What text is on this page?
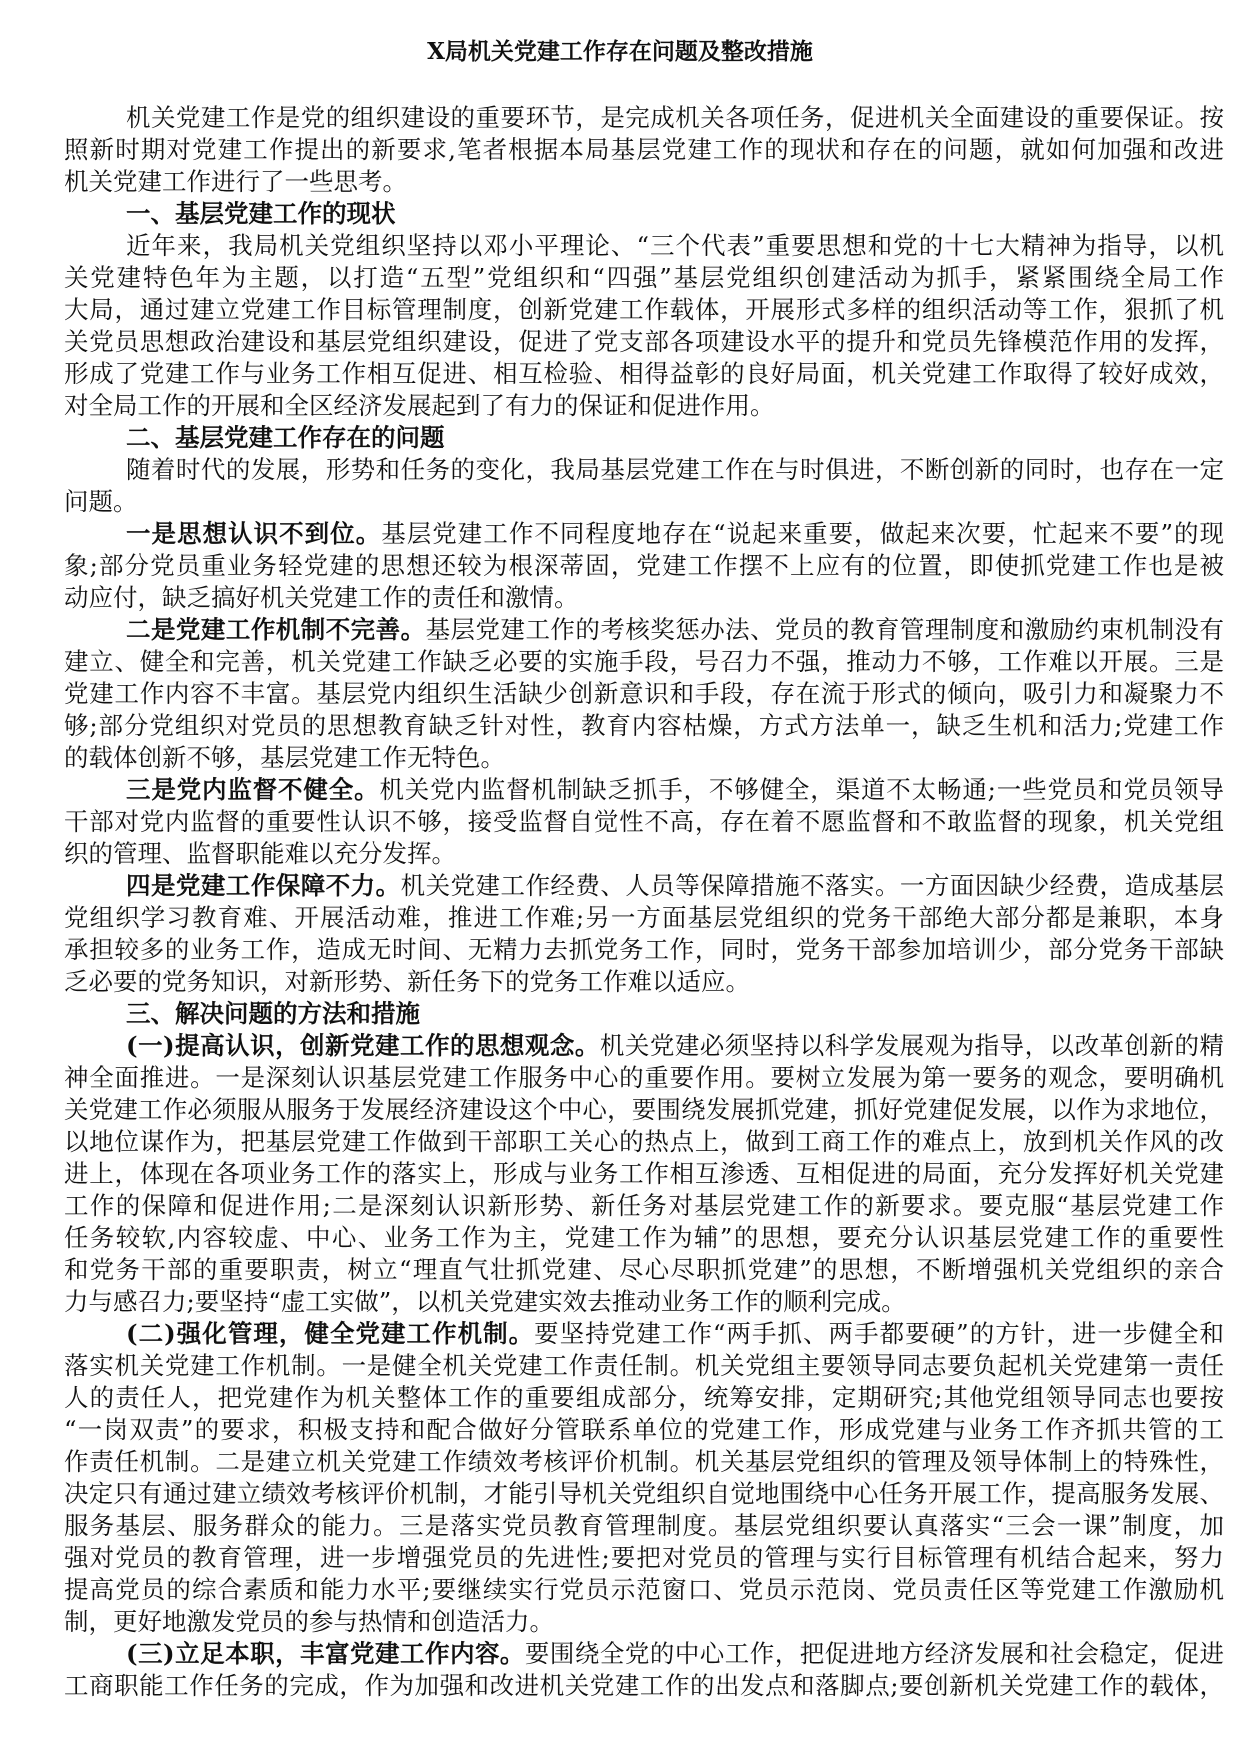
X局机关党建工作存在问题及整改措施
机关党建工作是党的组织建设的重要环节，是完成机关各项任务，促进机关全面建设的重要保证。按
照新时期对党建工作提出的新要求,笔者根据本局基层党建工作的现状和存在的问题，就如何加强和改进
机关党建工作进行了一些思考。
一、基层党建工作的现状
近年来，我局机关党组织坚持以邓小平理论、“三个代表”重要思想和党的十七大精神为指导，以机
关党建特色年为主题，以打造“五型”党组织和“四强”基层党组织创建活动为抓手，紧紧围绕全局工作
大局，通过建立党建工作目标管理制度，创新党建工作载体，开展形式多样的组织活动等工作，狠抓了机
关党员思想政治建设和基层党组织建设，促进了党支部各项建设水平的提升和党员先锋模范作用的发挥，
形成了党建工作与业务工作相互促进、相互检验、相得益彰的良好局面，机关党建工作取得了较好成效，
对全局工作的开展和全区经济发展起到了有力的保证和促进作用。
二、基层党建工作存在的问题
随着时代的发展，形势和任务的变化，我局基层党建工作在与时俱进，不断创新的同时，也存在一定
问题。
一是思想认识不到位。基层党建工作不同程度地存在“说起来重要，做起来次要，忙起来不要”的现
象;部分党员重业务轻党建的思想还较为根深蒂固，党建工作摆不上应有的位置，即使抓党建工作也是被
动应付，缺乏搞好机关党建工作的责任和激情。
二是党建工作机制不完善。基层党建工作的考核奖惩办法、党员的教育管理制度和激励约束机制没有
建立、健全和完善，机关党建工作缺乏必要的实施手段，号召力不强，推动力不够，工作难以开展。三是
党建工作内容不丰富。基层党内组织生活缺少创新意识和手段，存在流于形式的倾向，吸引力和凝聚力不
够;部分党组织对党员的思想教育缺乏针对性，教育内容枯燥，方式方法单一，缺乏生机和活力;党建工作
的载体创新不够，基层党建工作无特色。
三是党内监督不健全。机关党内监督机制缺乏抓手，不够健全，渠道不太畅通;一些党员和党员领导
干部对党内监督的重要性认识不够，接受监督自觉性不高，存在着不愿监督和不敢监督的现象，机关党组
织的管理、监督职能难以充分发挥。
四是党建工作保障不力。机关党建工作经费、人员等保障措施不落实。一方面因缺少经费，造成基层
党组织学习教育难、开展活动难，推进工作难;另一方面基层党组织的党务干部绝大部分都是兼职，本身
承担较多的业务工作，造成无时间、无精力去抓党务工作，同时，党务干部参加培训少，部分党务干部缺
乏必要的党务知识，对新形势、新任务下的党务工作难以适应。
三、解决问题的方法和措施
(一)提高认识，创新党建工作的思想观念。机关党建必须坚持以科学发展观为指导，以改革创新的精
神全面推进。一是深刻认识基层党建工作服务中心的重要作用。要树立发展为第一要务的观念，要明确机
关党建工作必须服从服务于发展经济建设这个中心，要围绕发展抓党建，抓好党建促发展，以作为求地位，
以地位谋作为，把基层党建工作做到干部职工关心的热点上，做到工商工作的难点上，放到机关作风的改
进上，体现在各项业务工作的落实上，形成与业务工作相互渗透、互相促进的局面，充分发挥好机关党建
工作的保障和促进作用;二是深刻认识新形势、新任务对基层党建工作的新要求。要克服“基层党建工作
任务较软,内容较虚、中心、业务工作为主，党建工作为辅”的思想，要充分认识基层党建工作的重要性
和党务干部的重要职责，树立“理直气壮抓党建、尽心尽职抓党建”的思想，不断增强机关党组织的亲合
力与感召力;要坚持“虚工实做”，以机关党建实效去推动业务工作的顺利完成。
(二)强化管理，健全党建工作机制。要坚持党建工作“两手抓、两手都要硬”的方针，进一步健全和
落实机关党建工作机制。一是健全机关党建工作责任制。机关党组主要领导同志要负起机关党建第一责任
人的责任人，把党建作为机关整体工作的重要组成部分，统筹安排，定期研究;其他党组领导同志也要按
“一岗双责”的要求，积极支持和配合做好分管联系单位的党建工作，形成党建与业务工作齐抓共管的工
作责任机制。二是建立机关党建工作绩效考核评价机制。机关基层党组织的管理及领导体制上的特殊性，
决定只有通过建立绩效考核评价机制，才能引导机关党组织自觉地围绕中心任务开展工作，提高服务发展、
服务基层、服务群众的能力。三是落实党员教育管理制度。基层党组织要认真落实“三会一课”制度，加
强对党员的教育管理，进一步增强党员的先进性;要把对党员的管理与实行目标管理有机结合起来，努力
提高党员的综合素质和能力水平;要继续实行党员示范窗口、党员示范岗、党员责任区等党建工作激励机
制，更好地激发党员的参与热情和创造活力。
(三)立足本职，丰富党建工作内容。要围绕全党的中心工作，把促进地方经济发展和社会稳定，促进
工商职能工作任务的完成，作为加强和改进机关党建工作的出发点和落脚点;要创新机关党建工作的载体，
